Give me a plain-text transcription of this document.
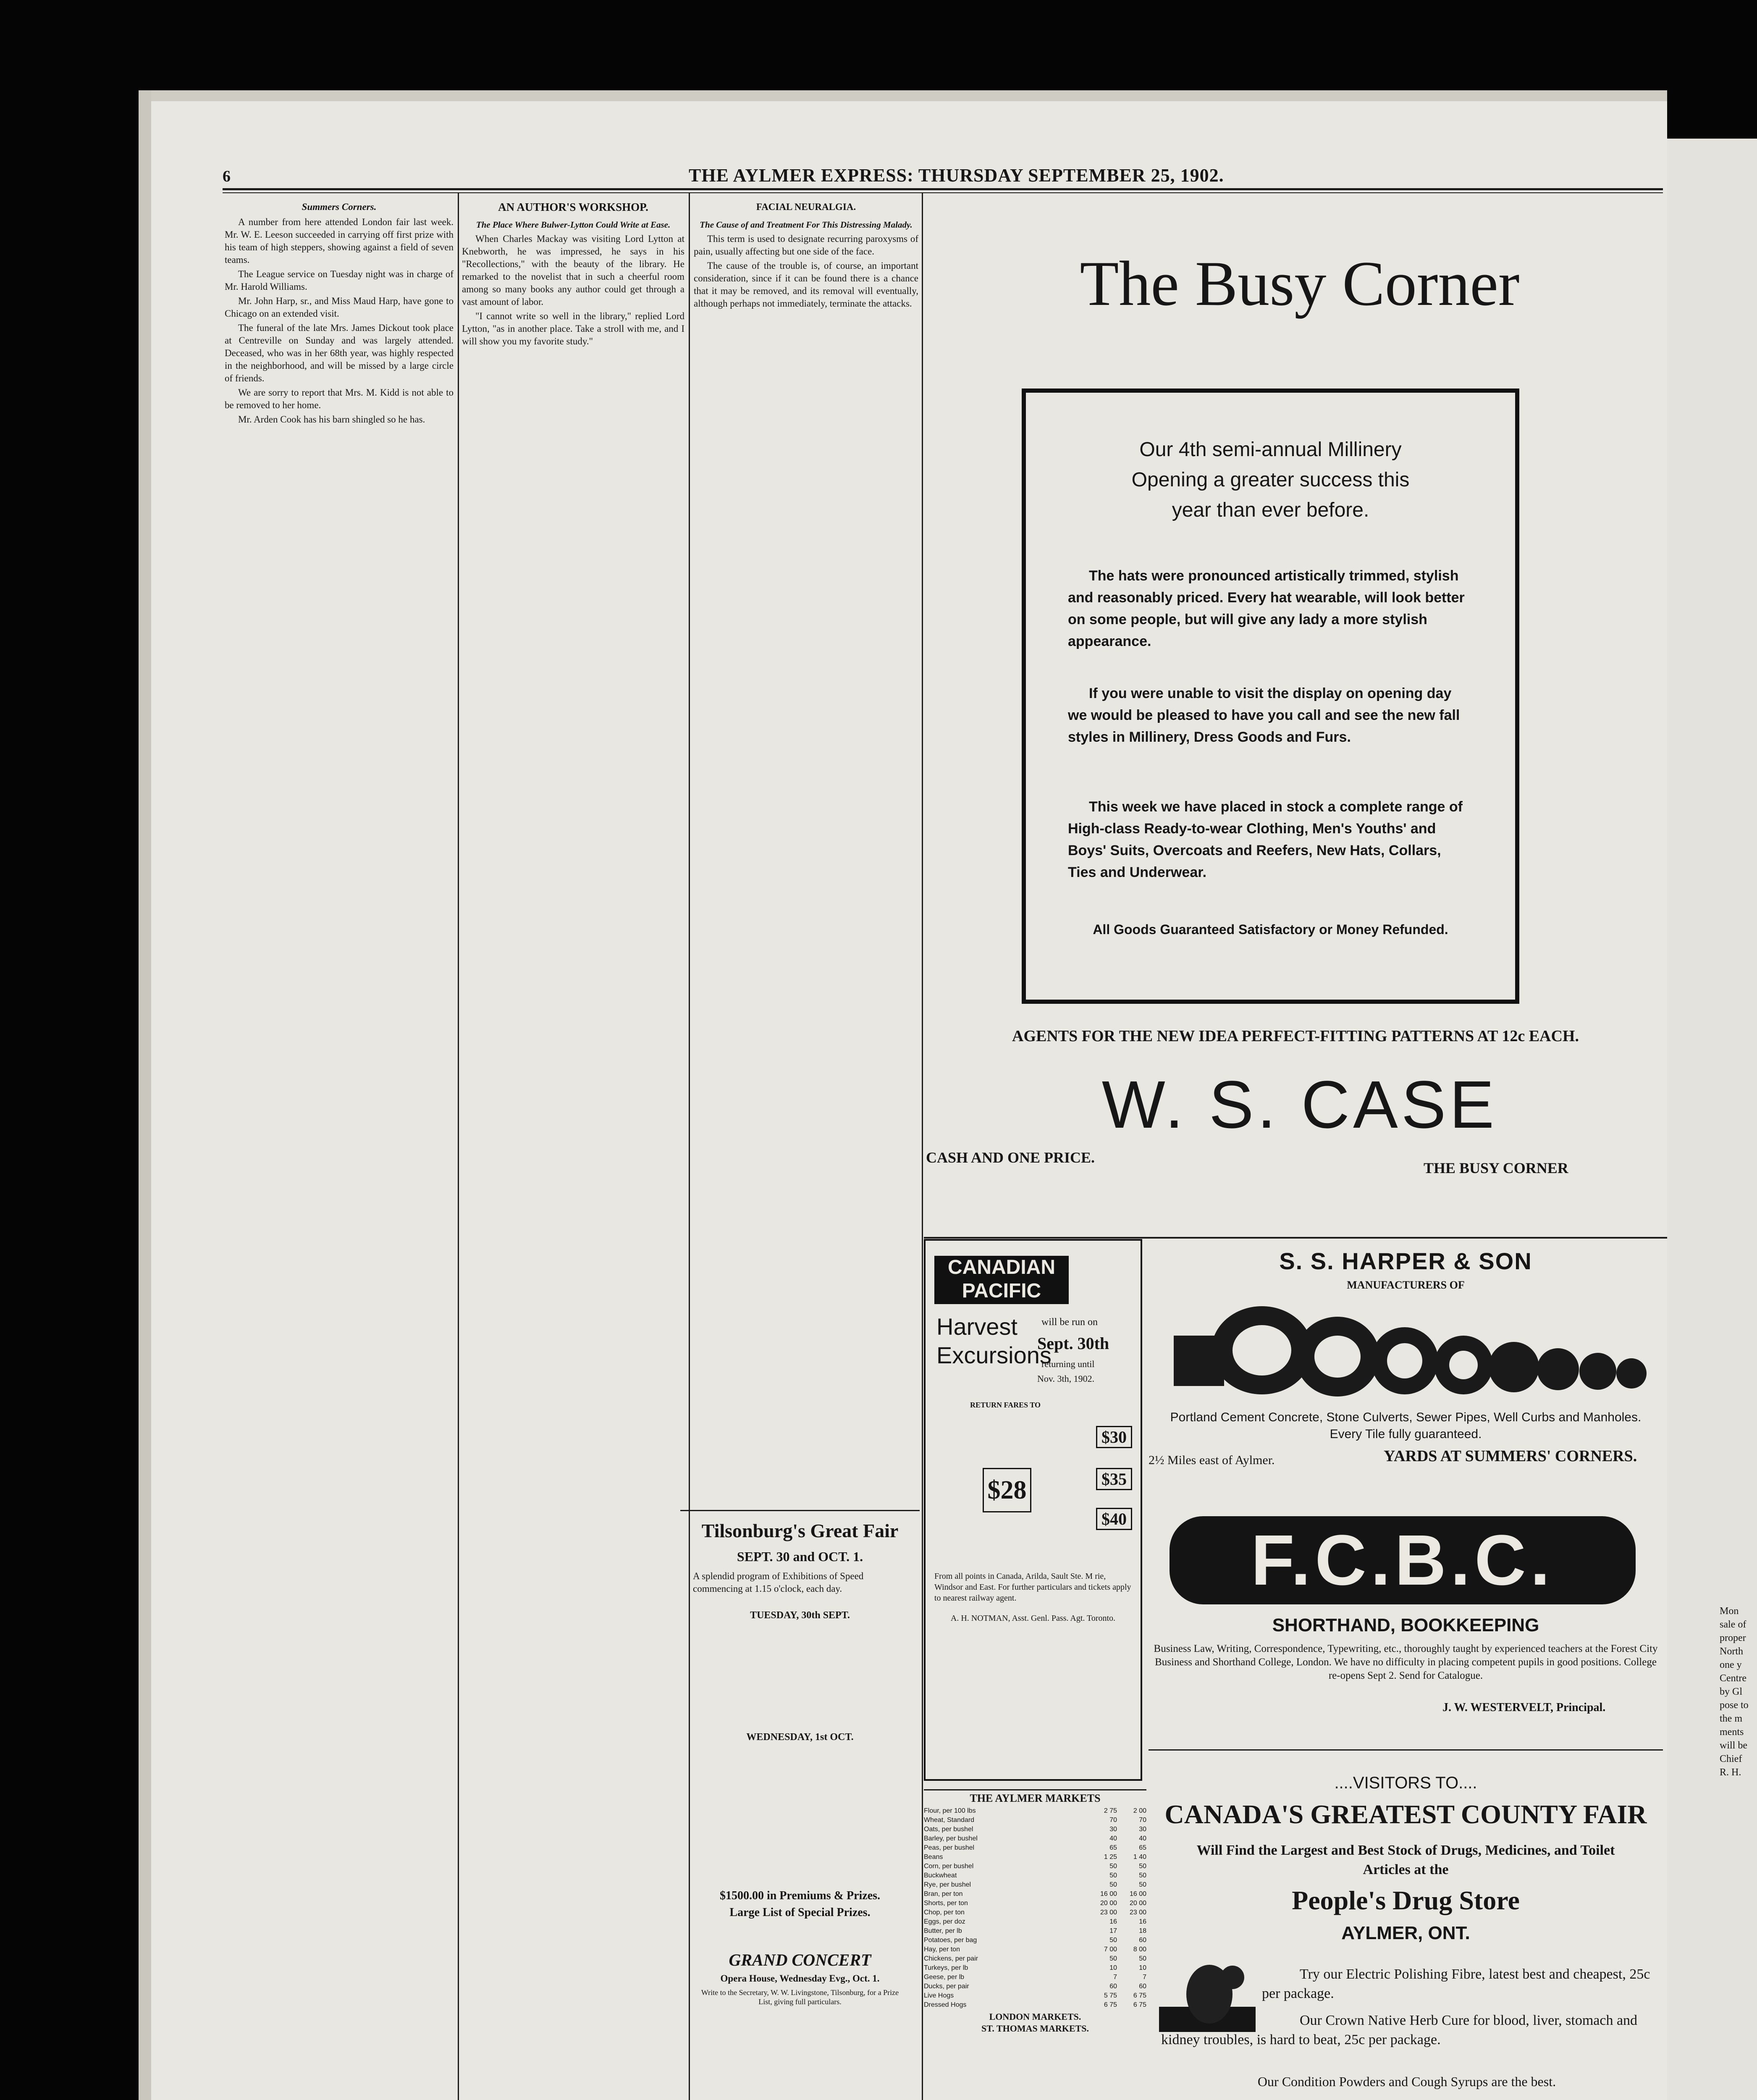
6	THE AYLMER EXPRESS: THURSDAY SEPTEMBER 25, 1902.
Summers Corners.

A number from here attended London fair last week. Mr. W. E. Leeson succeeded in carrying off first prize with his team of high steppers, showing against a field of seven teams.

The League service on Tuesday night was in charge of Mr. Harold Williams.

Mr. John Harp, sr., and Miss Maud Harp, have gone to Chicago on an extended visit.

The funeral of the late Mrs. James Dickout took place at Centreville on Sunday and was largely attended. Deceased, who was in her 68th year, was highly respected in the neighborhood, and will be missed by a large circle of friends.

We are sorry to report that Mrs. M. Kidd is not able to be removed to her home.

Mr. Arden Cook has his barn shingled so he has.

AN AUTHOR'S WORKSHOP.
The Place Where Bulwer-Lytton Could Write at Ease.

When Charles Mackay was visiting Lord Lytton at Knebworth, he was impressed, he says in his "Recollections," with the beauty of the library. He remarked to the novelist that in such a cheerful room among so many books any author could get through a vast amount of labor.

"I cannot write so well in the library," replied Lord Lytton, "as in another place. Take a stroll with me, and I will show you my favorite study."

FACIAL NEURALGIA.
The Cause of and Treatment For This Distressing Malady.

This term is used to designate recurring paroxysms of pain, usually affecting but one side of the face.

The cause of the trouble is, of course, an important consideration, since if it can be found there is a chance that it may be removed, and its removal will eventually, although perhaps not immediately, terminate the attacks.

Tilsonburg's Great Fair
SEPT. 30 and OCT. 1.
A splendid program of Exhibitions of Speed commencing at 1.15 o'clock, each day.
TUESDAY, 30th SEPT.
WEDNESDAY, 1st OCT.
$1500.00 in Premiums & Prizes.
Large List of Special Prizes.
GRAND CONCERT
Opera House, Wednesday Evg., Oct. 1.
Write to the Secretary, W. W. Livingstone, Tilsonburg, for a Prize List, giving full particulars.
The Busy Corner
Our 4th semi-annual Millinery
Opening a greater success this
year than ever before.
The hats were pronounced artistically trimmed, stylish and reasonably priced. Every hat wearable, will look better on some people, but will give any lady a more stylish appearance.
If you were unable to visit the display on opening day we would be pleased to have you call and see the new fall styles in Millinery, Dress Goods and Furs.
This week we have placed in stock a complete range of High-class Ready-to-wear Clothing, Men's Youths' and Boys' Suits, Overcoats and Reefers, New Hats, Collars, Ties and Underwear.
All Goods Guaranteed Satisfactory or Money Refunded.
AGENTS FOR THE NEW IDEA PERFECT-FITTING PATTERNS AT 12c EACH.
W. S. CASE
CASH AND ONE PRICE.
THE BUSY CORNER
CANADIAN
PACIFIC
Harvest
Excursions
will be run on
Sept. 30th
returning until
Nov. 3th, 1902.
RETURN FARES TO
$28
$30
$35
$40
From all points in Canada, Arilda, Sault Ste. M rie, Windsor and East. For further particulars and tickets apply to nearest railway agent.
A. H. NOTMAN, Asst. Genl. Pass. Agt. Toronto.
S. S. HARPER & SON
MANUFACTURERS OF
Portland Cement Concrete, Stone Culverts, Sewer Pipes, Well Curbs and Manholes. Every Tile fully guaranteed.
YARDS AT SUMMERS' CORNERS.
2½ Miles east of Aylmer.
F.C.B.C.
SHORTHAND, BOOKKEEPING
Business Law, Writing, Correspondence, Typewriting, etc., thoroughly taught by experienced teachers at the Forest City Business and Shorthand College, London. We have no difficulty in placing competent pupils in good positions. College re-opens Sept 2. Send for Catalogue.
J. W. WESTERVELT, Principal.
THE AYLMER MARKETS
Flour, per 100 lbs	2 75	2 00
Wheat, Standard	70	70
Oats, per bushel	30	30
Barley, per bushel	40	40
Peas, per bushel	65	65
Beans	1 25	1 40
Corn, per bushel	50	50
Buckwheat	50	50
Rye, per bushel	50	50
Bran, per ton	16 00	16 00
Shorts, per ton	20 00	20 00
Chop, per ton	23 00	23 00
Eggs, per doz	16	16
Butter, per lb	17	18
Potatoes, per bag	50	60
Hay, per ton	7 00	8 00
Chickens, per pair	50	50
Turkeys, per lb	10	10
Geese, per lb	7	7
Ducks, per pair	60	60
Live Hogs	5 75	6 75
Dressed Hogs	6 75	6 75
LONDON MARKETS.
ST. THOMAS MARKETS.
....VISITORS TO....
CANADA'S GREATEST COUNTY FAIR
Will Find the Largest and Best Stock of Drugs, Medicines, and Toilet Articles at the
People's Drug Store
AYLMER, ONT.
Try our Electric Polishing Fibre, latest best and cheapest, 25c per package.
Our Crown Native Herb Cure for blood, liver, stomach and kidney troubles, is hard to beat, 25c per package.
Our Condition Powders and Cough Syrups are the best.
Mon
sale of
proper
North
one y
Centre
by Gl
pose to
the m
ments
will be
Chief
R. H.
